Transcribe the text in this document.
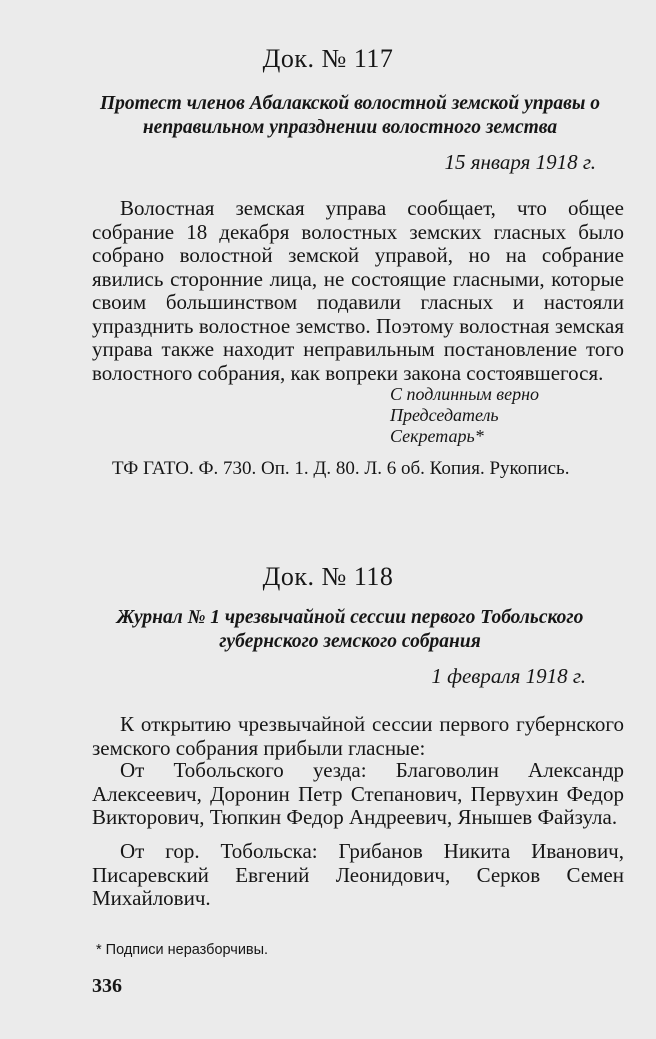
Док. № 117
Протест членов Абалакской волостной земской управы о неправильном упразднении волостного земства
15 января 1918 г.

Волостная земская управа сообщает, что общее собрание 18 декабря волостных земских гласных было собрано волостной земской управой, но на собрание явились сторонние лица, не состоящие гласными, которые своим большинством подавили гласных и настояли упразднить волостное земство. Поэтому волостная земская управа также находит неправильным постановление того волостного собрания, как вопреки закона состоявшегося.

С подлинным верно
Председатель
Секретарь*
ТФ ГАТО. Ф. 730. Оп. 1. Д. 80. Л. 6 об. Копия. Рукопись.
Док. № 118
Журнал № 1 чрезвычайной сессии первого Тобольского губернского земского собрания
1 февраля 1918 г.

К открытию чрезвычайной сессии первого губернского земского собрания прибыли гласные:

От Тобольского уезда: Благоволин Александр Алексеевич, Доронин Петр Степанович, Первухин Федор Викторович, Тюпкин Федор Андреевич, Янышев Файзула.

От гор. Тобольска: Грибанов Никита Иванович, Писаревский Евгений Леонидович, Серков Семен Михайлович.

* Подписи неразборчивы.
336
